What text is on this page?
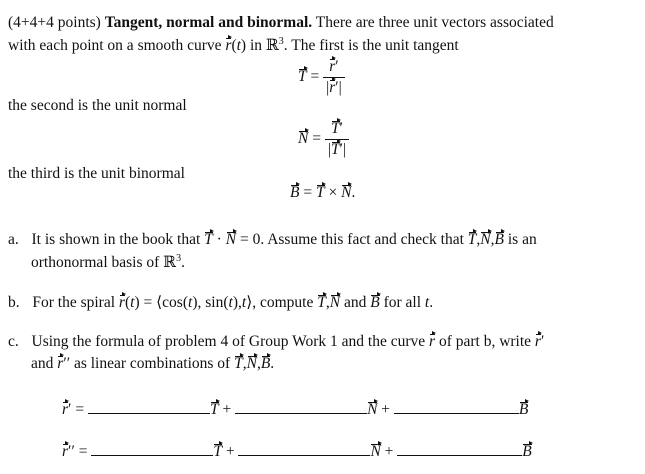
(4+4+4 points) Tangent, normal and binormal. There are three unit vectors associated
with each point on a smooth curve r(t) in ℝ$^3$. The first is the unit tangent
$T = \frac{r'}{|r'|}$
the second is the unit normal
$N = \frac{T'}{|T'|}$
the third is the unit binormal
B = T × N.
a. It is shown in the book that T · N = 0. Assume this fact and check that T,N,B is an
orthonormal basis of ℝ$^3$.
b. For the spiral r(t) = ⟨cos(t), sin(t),t⟩, compute T,N and B for all t.
c. Using the formula of problem 4 of Group Work 1 and the curve r of part b, write r′
and r′′ as linear combinations of T,N,B.
r′ =	T +	N +	B
r′′ =	T +	N +	B
